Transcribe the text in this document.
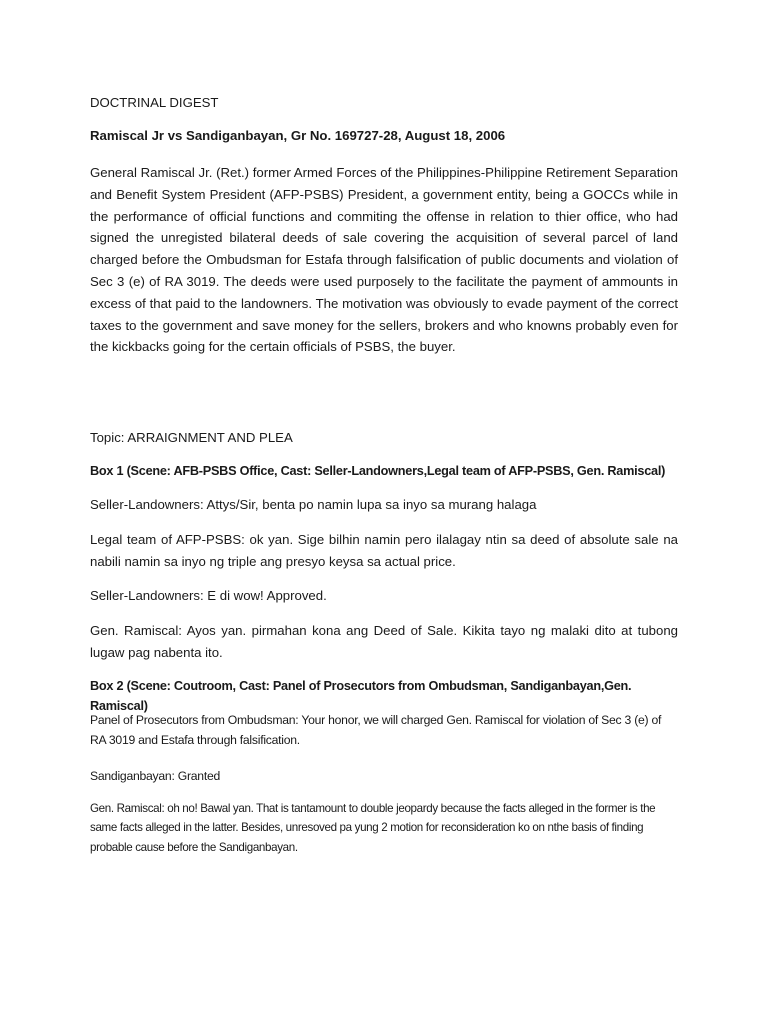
DOCTRINAL DIGEST

Ramiscal Jr vs Sandiganbayan, Gr No. 169727-28, August 18, 2006

General Ramiscal Jr. (Ret.) former Armed Forces of the Philippines-Philippine Retirement Separation and Benefit System President (AFP-PSBS) President, a government entity, being a GOCCs while in the performance of official functions and commiting the offense in relation to thier office, who had signed the unregisted bilateral deeds of sale covering the acquisition of several parcel of land charged before the Ombudsman for Estafa through falsification of public documents and violation of Sec 3 (e) of RA 3019. The deeds were used purposely to the facilitate the payment of ammounts in excess of that paid to the landowners. The motivation was obviously to evade payment of the correct taxes to the government and save money for the sellers, brokers and who knowns probably even for the kickbacks going for the certain officials of PSBS, the buyer.

Topic: ARRAIGNMENT AND PLEA

Box 1 (Scene: AFB-PSBS Office, Cast: Seller-Landowners,Legal team of AFP-PSBS, Gen. Ramiscal)

Seller-Landowners: Attys/Sir, benta po namin lupa sa inyo sa murang halaga

Legal team of AFP-PSBS: ok yan. Sige bilhin namin pero ilalagay ntin sa deed of absolute sale na nabili namin sa inyo ng triple ang presyo keysa sa actual price.

Seller-Landowners: E di wow! Approved.

Gen. Ramiscal: Ayos yan. pirmahan kona ang Deed of Sale. Kikita tayo ng malaki dito at tubong lugaw pag nabenta ito.

Box 2 (Scene: Coutroom, Cast: Panel of Prosecutors from Ombudsman, Sandiganbayan,Gen. Ramiscal)

Panel of Prosecutors from Ombudsman: Your honor, we will charged Gen. Ramiscal for violation of Sec 3 (e) of RA 3019 and Estafa through falsification.

Sandiganbayan: Granted

Gen. Ramiscal: oh no! Bawal yan. That is tantamount to double jeopardy because the facts alleged in the former is the same facts alleged in the latter. Besides, unresoved pa yung 2 motion for reconsideration ko on nthe basis of finding probable cause before the Sandiganbayan.
